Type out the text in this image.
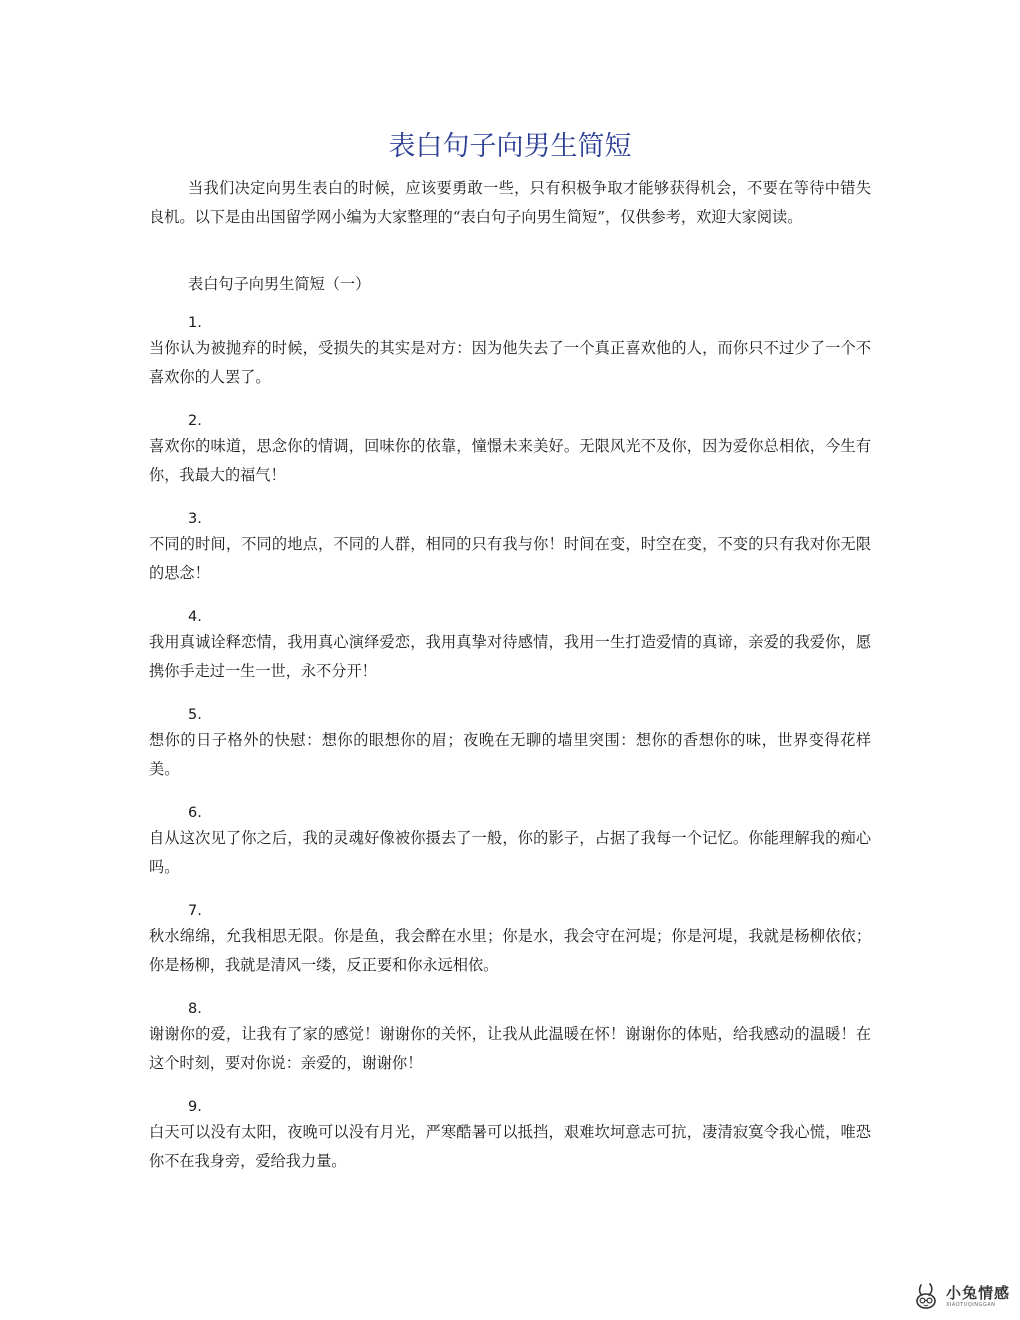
表白句子向男生简短

当我们决定向男生表白的时候，应该要勇敢一些，只有积极争取才能够获得机会，不要在等待中错失良机。以下是由出国留学网小编为大家整理的“表白句子向男生简短”，仅供参考，欢迎大家阅读。

表白句子向男生简短（一）

1.

当你认为被抛弃的时候，受损失的其实是对方：因为他失去了一个真正喜欢他的人，而你只不过少了一个不喜欢你的人罢了。

2.

喜欢你的味道，思念你的情调，回味你的依靠，憧憬未来美好。无限风光不及你，因为爱你总相依，今生有你，我最大的福气！

3.

不同的时间，不同的地点，不同的人群，相同的只有我与你！时间在变，时空在变，不变的只有我对你无限的思念！

4.

我用真诚诠释恋情，我用真心演绎爱恋，我用真挚对待感情，我用一生打造爱情的真谛，亲爱的我爱你，愿携你手走过一生一世，永不分开！

5.

想你的日子格外的快慰：想你的眼想你的眉；夜晚在无聊的墙里突围：想你的香想你的味，世界变得花样美。

6.

自从这次见了你之后，我的灵魂好像被你摄去了一般，你的影子，占据了我每一个记忆。你能理解我的痴心吗。

7.

秋水绵绵，允我相思无限。你是鱼，我会醉在水里；你是水，我会守在河堤；你是河堤，我就是杨柳依依；你是杨柳，我就是清风一缕，反正要和你永远相依。

8.

谢谢你的爱，让我有了家的感觉！谢谢你的关怀，让我从此温暖在怀！谢谢你的体贴，给我感动的温暖！在这个时刻，要对你说：亲爱的，谢谢你！

9.

白天可以没有太阳，夜晚可以没有月光，严寒酷暑可以抵挡，艰难坎坷意志可抗，凄清寂寞令我心慌，唯恐你不在我身旁，爱给我力量。

小兔情感
XIAOTUQINGGAN
